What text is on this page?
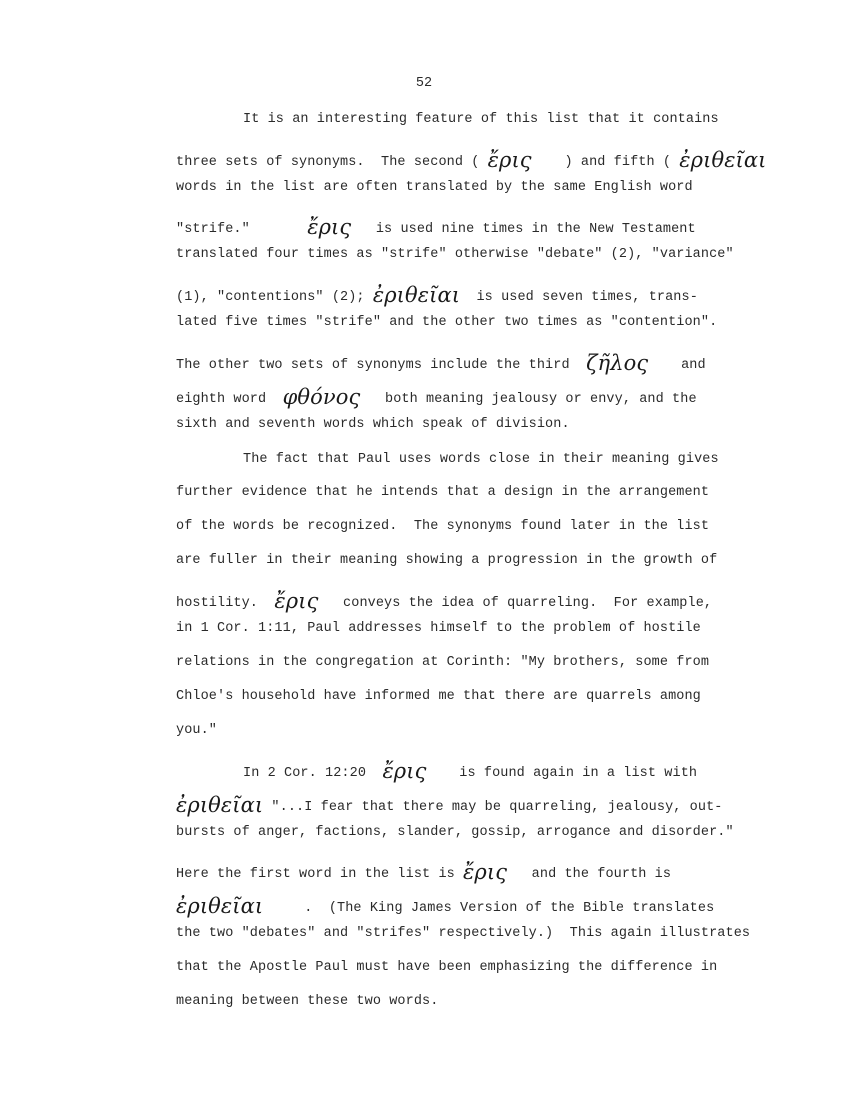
52
It is an interesting feature of this list that it contains
three sets of synonyms.  The second ( ἔρις    ) and fifth ( ἐριθεῖαι
words in the list are often translated by the same English word
"strife."       ἔρις   is used nine times in the New Testament
translated four times as "strife" otherwise "debate" (2), "variance"
(1), "contentions" (2); ἐριθεῖαι  is used seven times, trans-
lated five times "strife" and the other two times as "contention".
The other two sets of synonyms include the third  ζῆλος    and
eighth word  φθόνος   both meaning jealousy or envy, and the
sixth and seventh words which speak of division.
The fact that Paul uses words close in their meaning gives
further evidence that he intends that a design in the arrangement
of the words be recognized.  The synonyms found later in the list
are fuller in their meaning showing a progression in the growth of
hostility.  ἔρις   conveys the idea of quarreling.  For example,
in 1 Cor. 1:11, Paul addresses himself to the problem of hostile
relations in the congregation at Corinth: "My brothers, some from
Chloe's household have informed me that there are quarrels among
you."
In 2 Cor. 12:20  ἔρις    is found again in a list with
ἐριθεῖαι "...I fear that there may be quarreling, jealousy, out-
bursts of anger, factions, slander, gossip, arrogance and disorder."
Here the first word in the list is ἔρις   and the fourth is
ἐριθεῖαι     .  (The King James Version of the Bible translates
the two "debates" and "strifes" respectively.)  This again illustrates
that the Apostle Paul must have been emphasizing the difference in
meaning between these two words.
